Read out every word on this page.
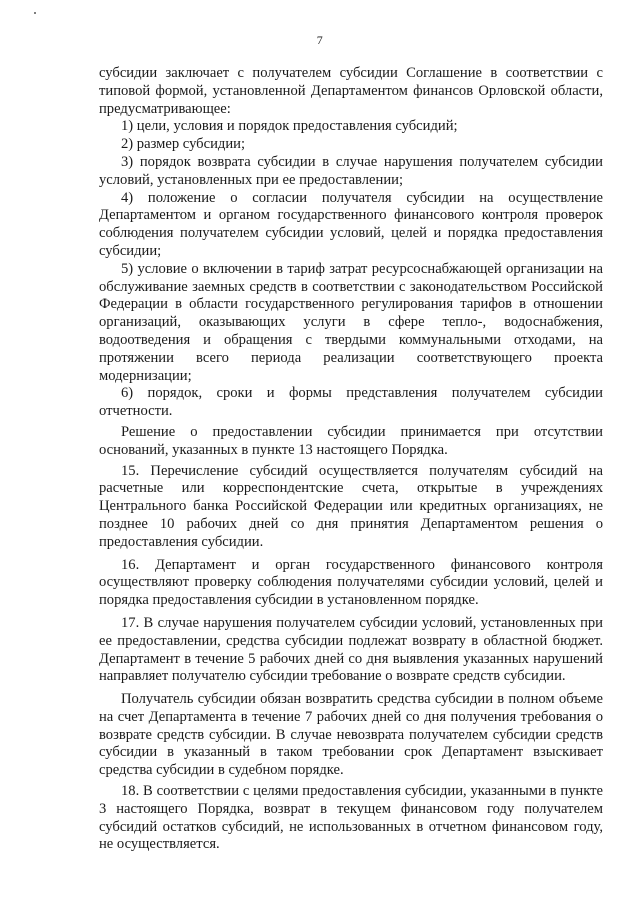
7

субсидии заключает с получателем субсидии Соглашение в соответствии с типовой формой, установленной Департаментом финансов Орловской области, предусматривающее:

1) цели, условия и порядок предоставления субсидий;

2) размер субсидии;

3) порядок возврата субсидии в случае нарушения получателем субсидии условий, установленных при ее предоставлении;

4) положение о согласии получателя субсидии на осуществление Департаментом и органом государственного финансового контроля проверок соблюдения получателем субсидии условий, целей и порядка предоставления субсидии;

5) условие о включении в тариф затрат ресурсоснабжающей организации на обслуживание заемных средств в соответствии с законодательством Российской Федерации в области государственного регулирования тарифов в отношении организаций, оказывающих услуги в сфере тепло-, водоснабжения, водоотведения и обращения с твердыми коммунальными отходами, на протяжении всего периода реализации соответствующего проекта модернизации;

6) порядок, сроки и формы представления получателем субсидии отчетности.

Решение о предоставлении субсидии принимается при отсутствии оснований, указанных в пункте 13 настоящего Порядка.

15. Перечисление субсидий осуществляется получателям субсидий на расчетные или корреспондентские счета, открытые в учреждениях Центрального банка Российской Федерации или кредитных организациях, не позднее 10 рабочих дней со дня принятия Департаментом решения о предоставления субсидии.

16. Департамент и орган государственного финансового контроля осуществляют проверку соблюдения получателями субсидии условий, целей и порядка предоставления субсидии в установленном порядке.

17. В случае нарушения получателем субсидии условий, установленных при ее предоставлении, средства субсидии подлежат возврату в областной бюджет. Департамент в течение 5 рабочих дней со дня выявления указанных нарушений направляет получателю субсидии требование о возврате средств субсидии.

Получатель субсидии обязан возвратить средства субсидии в полном объеме на счет Департамента в течение 7 рабочих дней со дня получения требования о возврате средств субсидии. В случае невозврата получателем субсидии средств субсидии в указанный в таком требовании срок Департамент взыскивает средства субсидии в судебном порядке.

18. В соответствии с целями предоставления субсидии, указанными в пункте 3 настоящего Порядка, возврат в текущем финансовом году получателем субсидий остатков субсидий, не использованных в отчетном финансовом году, не осуществляется.
